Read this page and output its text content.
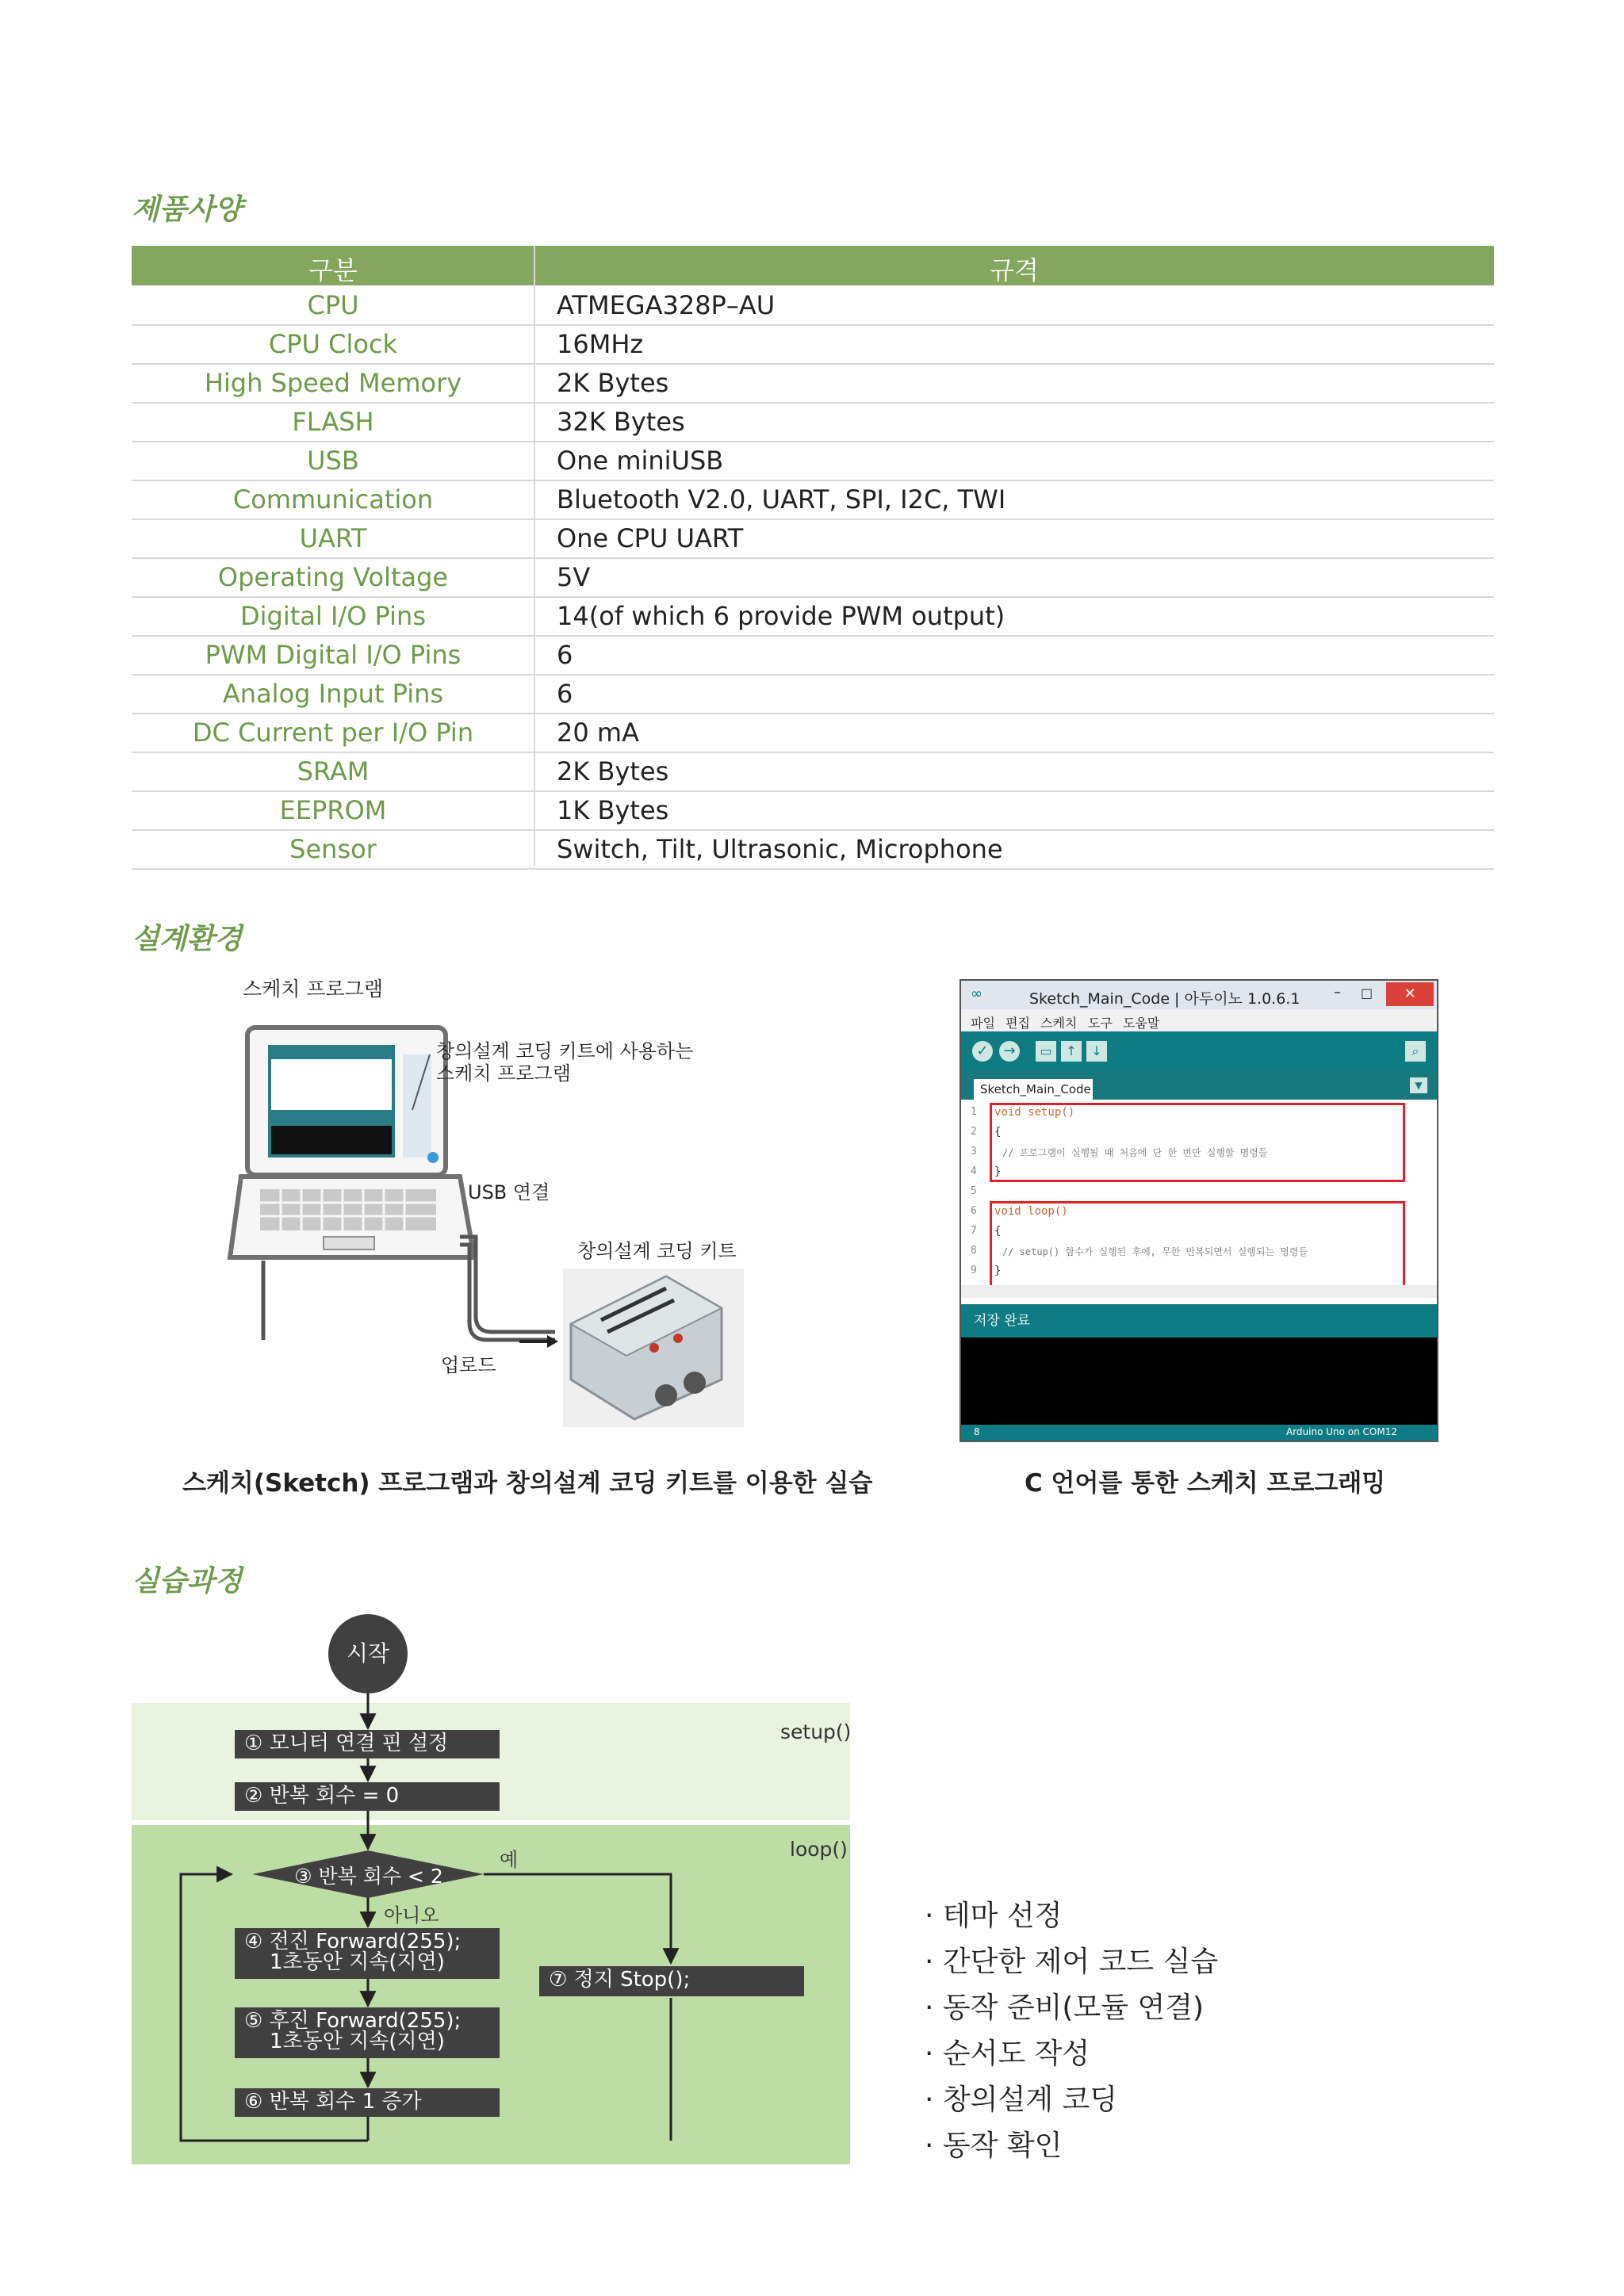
제품사양
설계환경
실습과정
구분	규격
CPU	ATMEGA328P–AU
CPU Clock	16MHz
High Speed Memory	2K Bytes
FLASH	32K Bytes
USB	One miniUSB
Communication	Bluetooth V2.0, UART, SPI, I2C, TWI
UART	One CPU UART
Operating Voltage	5V
Digital I/O Pins	14(of which 6 provide PWM output)
PWM Digital I/O Pins	6
Analog Input Pins	6
DC Current per I/O Pin	20 mA
SRAM	2K Bytes
EEPROM	1K Bytes
Sensor	Switch, Tilt, Ultrasonic, Microphone
스케치 프로그램
창의설계 코딩 키트에 사용하는
스케치 프로그램
USB 연결
창의설계 코딩 키트
업로드
∞	Sketch_Main_Code | 아두이노 1.0.6.1 – □	✕
파일 편집 스케치 도구 도움말
✓	→	▭	↑	↓	⌕
Sketch_Main_Code	▼
1 void setup()
2 {
3	// 프로그램이 실행될 때 처음에 단 한 번만 실행할 명령들
4 }
5
6 void loop()
7 {
8	// setup() 함수가 실행된 후에, 무한 반복되면서 실행되는 명령들
9 }
저장 완료
8	Arduino Uno on COM12
스케치(Sketch) 프로그램과 창의설계 코딩 키트를 이용한 실습	C 언어를 통한 스케치 프로그래밍
setup()
loop()
시작
① 모니터 연결 핀 설정
② 반복 회수 = 0
③ 반복 회수 < 2
예
아니오
④ 전진 Forward(255);
1초동안 지속(지연)
⑤ 후진 Forward(255);
1초동안 지속(지연)
⑥ 반복 회수 1 증가
⑦ 정지 Stop();
· 테마 선정
· 간단한 제어 코드 실습
· 동작 준비(모듈 연결)
· 순서도 작성
· 창의설계 코딩
· 동작 확인
